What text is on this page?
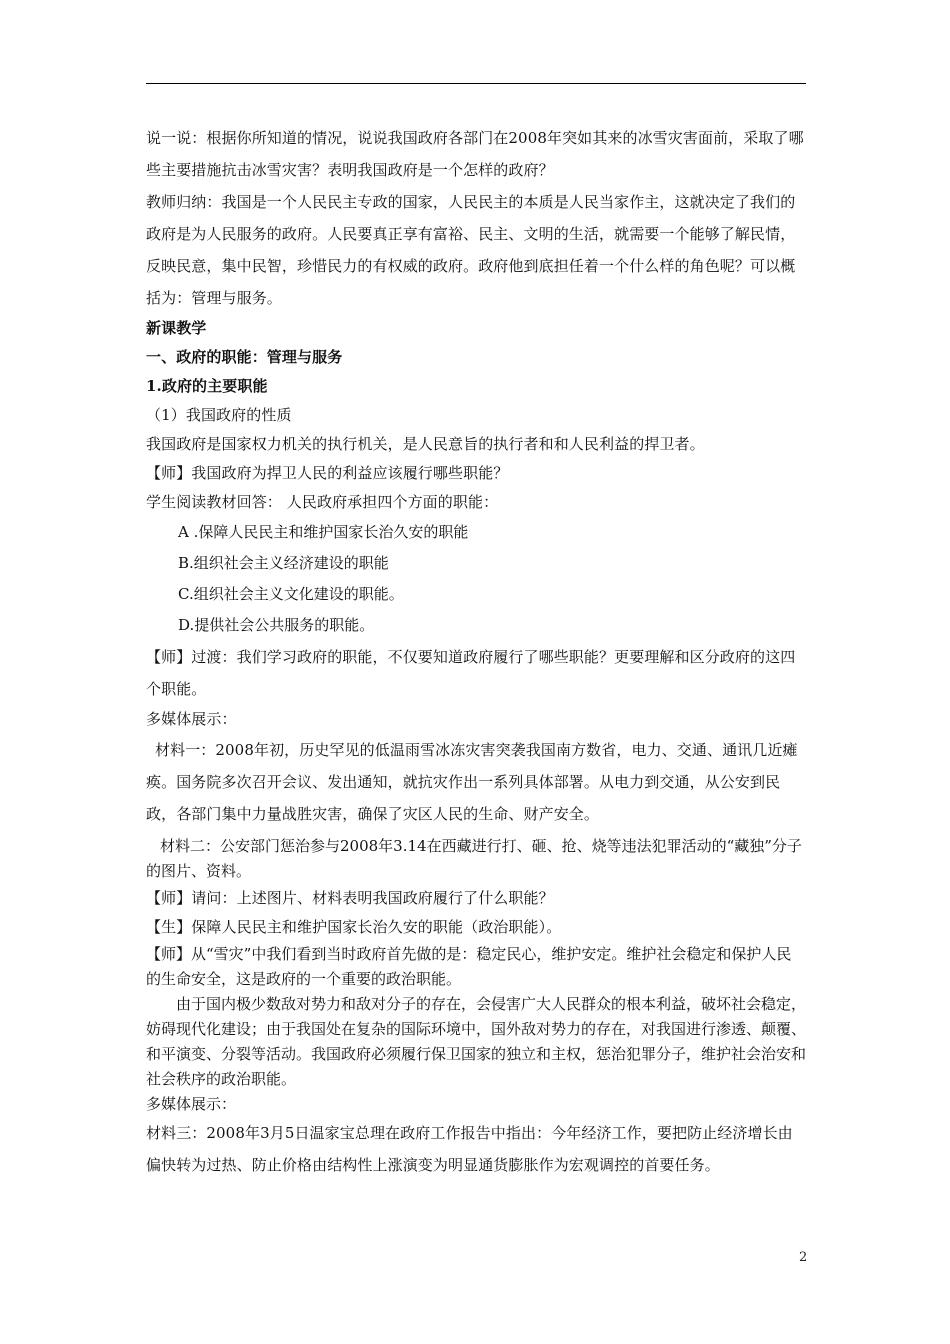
说一说：根据你所知道的情况，说说我国政府各部门在2008年突如其来的冰雪灾害面前，采取了哪些主要措施抗击冰雪灾害？表明我国政府是一个怎样的政府？

教师归纳：我国是一个人民民主专政的国家，人民民主的本质是人民当家作主，这就决定了我们的政府是为人民服务的政府。人民要真正享有富裕、民主、文明的生活，就需要一个能够了解民情，反映民意，集中民智，珍惜民力的有权威的政府。政府他到底担任着一个什么样的角色呢？可以概括为：管理与服务。

新课教学

一、政府的职能：管理与服务

1.政府的主要职能

（1）我国政府的性质

我国政府是国家权力机关的执行机关，是人民意旨的执行者和和人民利益的捍卫者。

【师】我国政府为捍卫人民的利益应该履行哪些职能？

学生阅读教材回答： 人民政府承担四个方面的职能：

A .保障人民民主和维护国家长治久安的职能

B.组织社会主义经济建设的职能

C.组织社会主义文化建设的职能。

D.提供社会公共服务的职能。

【师】过渡：我们学习政府的职能，不仅要知道政府履行了哪些职能？更要理解和区分政府的这四个职能。

多媒体展示：

材料一：2008年初，历史罕见的低温雨雪冰冻灾害突袭我国南方数省，电力、交通、通讯几近瘫痪。国务院多次召开会议、发出通知，就抗灾作出一系列具体部署。从电力到交通，从公安到民政，各部门集中力量战胜灾害，确保了灾区人民的生命、财产安全。

材料二：公安部门惩治参与2008年3.14在西藏进行打、砸、抢、烧等违法犯罪活动的“藏独”分子的图片、资料。

【师】请问：上述图片、材料表明我国政府履行了什么职能？

【生】保障人民民主和维护国家长治久安的职能（政治职能）。

【师】从“雪灾”中我们看到当时政府首先做的是：稳定民心，维护安定。维护社会稳定和保护人民的生命安全，这是政府的一个重要的政治职能。

由于国内极少数敌对势力和敌对分子的存在，会侵害广大人民群众的根本利益，破坏社会稳定，妨碍现代化建设；由于我国处在复杂的国际环境中，国外敌对势力的存在，对我国进行渗透、颠覆、和平演变、分裂等活动。我国政府必须履行保卫国家的独立和主权，惩治犯罪分子，维护社会治安和社会秩序的政治职能。

多媒体展示：

材料三：2008年3月5日温家宝总理在政府工作报告中指出：今年经济工作，要把防止经济增长由偏快转为过热、防止价格由结构性上涨演变为明显通货膨胀作为宏观调控的首要任务。

2
